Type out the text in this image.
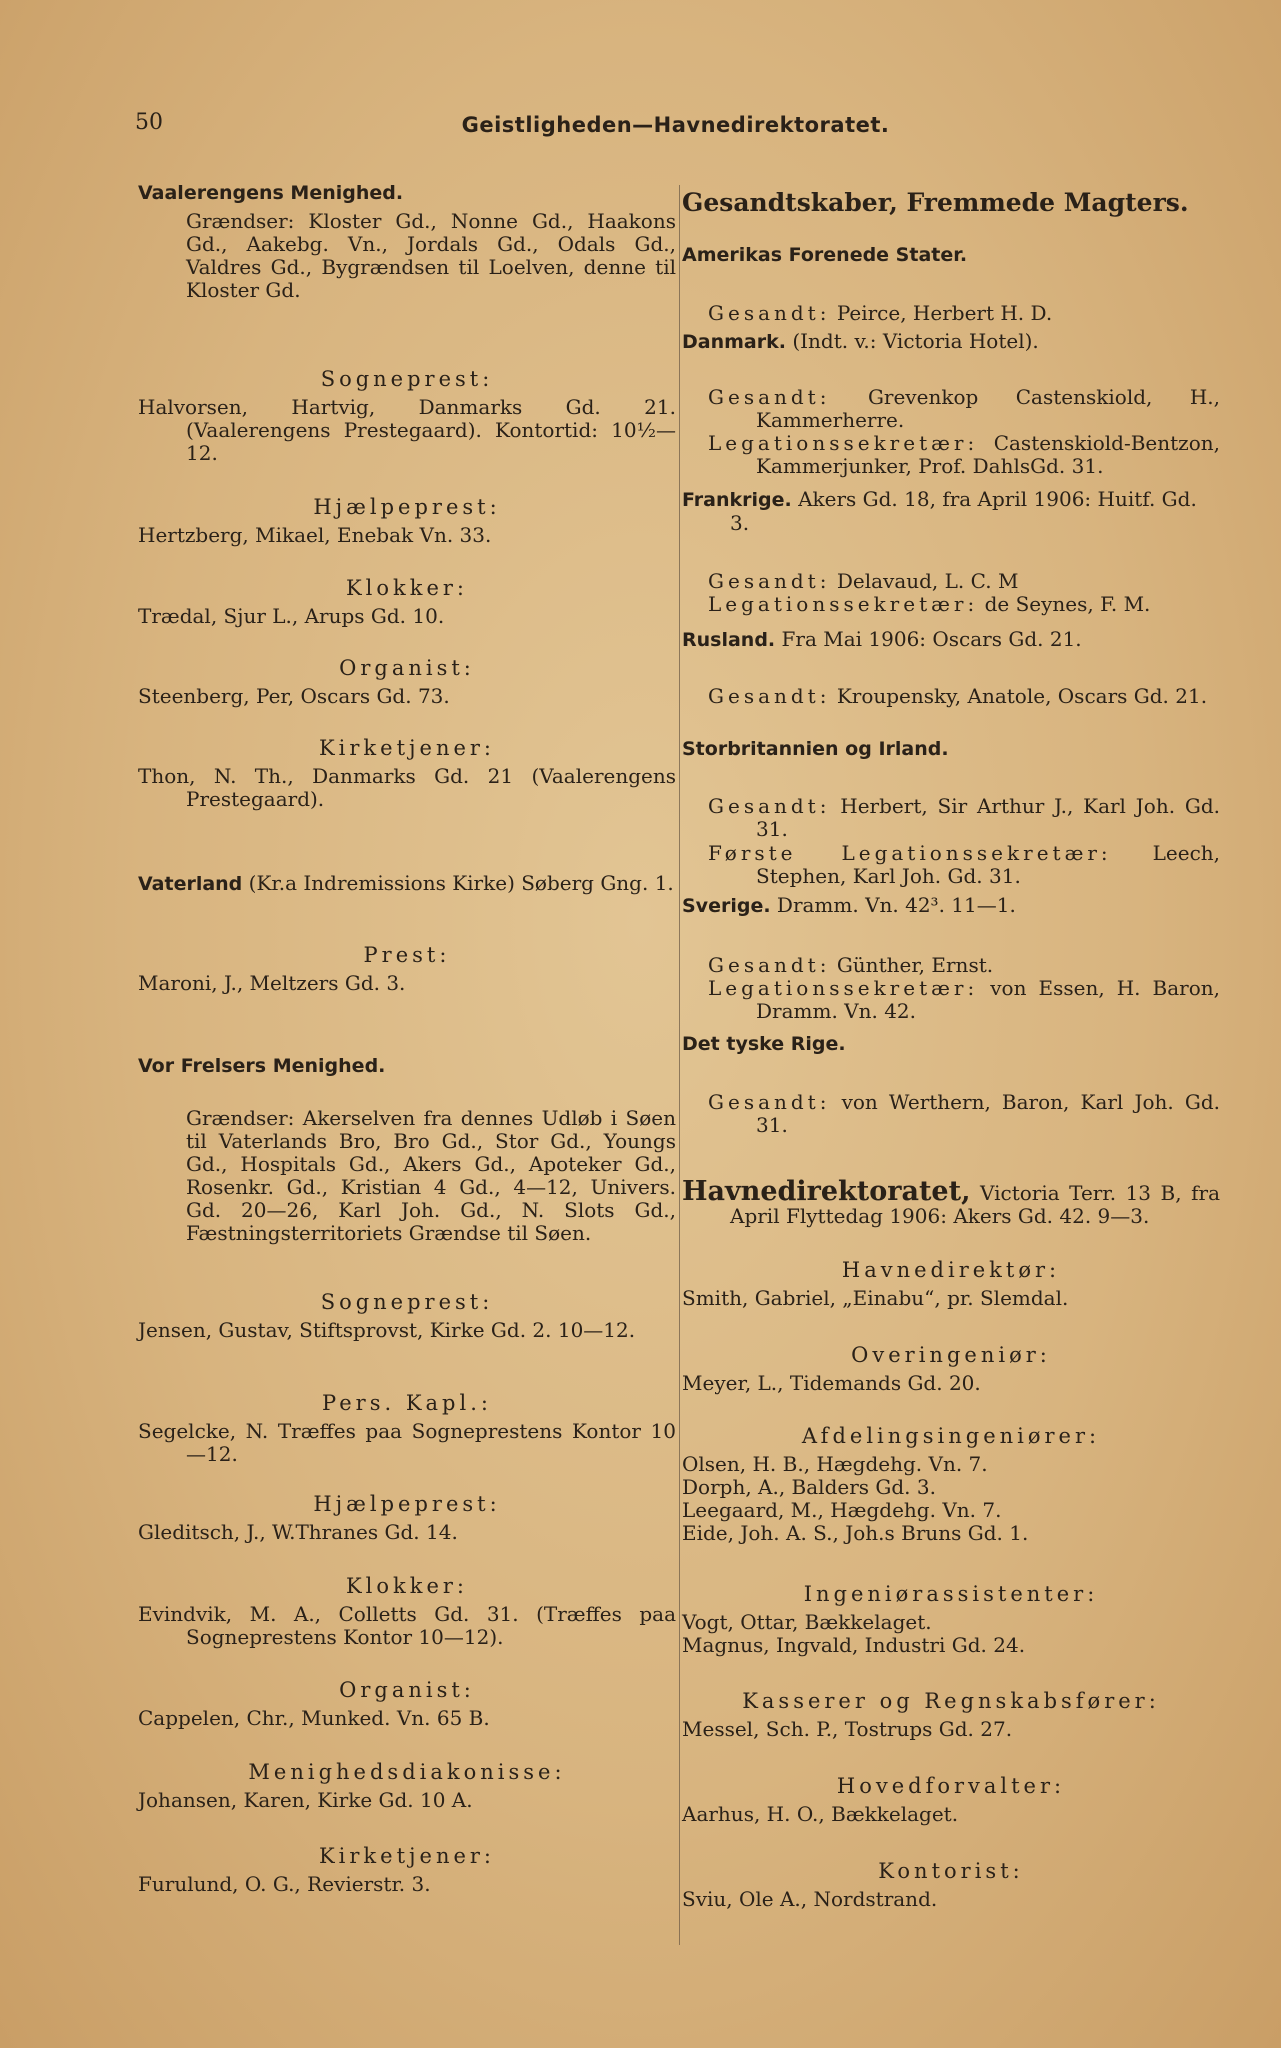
50	Geistligheden—Havnedirektoratet.

Vaalerengens Menighed.

Grændser: Kloster Gd., Nonne Gd., Haakons Gd., Aakebg. Vn., Jordals Gd., Odals Gd., Valdres Gd., Bygrændsen til Loelven, denne til Kloster Gd.

Sogneprest:

Halvorsen, Hartvig, Danmarks Gd. 21. (Vaalerengens Prestegaard). Kontortid: 10½—12.

Hjælpeprest:

Hertzberg, Mikael, Enebak Vn. 33.

Klokker:

Trædal, Sjur L., Arups Gd. 10.

Organist:

Steenberg, Per, Oscars Gd. 73.

Kirketjener:

Thon, N. Th., Danmarks Gd. 21 (Vaalerengens Prestegaard).

Vaterland (Kr.a Indremissions Kirke) Søberg Gng. 1.

Prest:

Maroni, J., Meltzers Gd. 3.

Vor Frelsers Menighed.

Grændser: Akerselven fra dennes Udløb i Søen til Vaterlands Bro, Bro Gd., Stor Gd., Youngs Gd., Hospitals Gd., Akers Gd., Apoteker Gd., Rosenkr. Gd., Kristian 4 Gd., 4—12, Univers. Gd. 20—26, Karl Joh. Gd., N. Slots Gd., Fæstningsterritoriets Grændse til Søen.

Sogneprest:

Jensen, Gustav, Stiftsprovst, Kirke Gd. 2. 10—12.

Pers. Kapl.:

Segelcke, N. Træffes paa Sogneprestens Kontor 10—12.

Hjælpeprest:

Gleditsch, J., W.Thranes Gd. 14.

Klokker:

Evindvik, M. A., Colletts Gd. 31. (Træffes paa Sogneprestens Kontor 10—12).

Organist:

Cappelen, Chr., Munked. Vn. 65 B.

Menighedsdiakonisse:

Johansen, Karen, Kirke Gd. 10 A.

Kirketjener:

Furulund, O. G., Revierstr. 3.

Gesandtskaber, Fremmede Magters.

Amerikas Forenede Stater.

Gesandt: Peirce, Herbert H. D.

Danmark. (Indt. v.: Victoria Hotel).

Gesandt: Grevenkop Castenskiold, H., Kammerherre.

Legationssekretær: Castenskiold-Bentzon, Kammerjunker, Prof. DahlsGd. 31.

Frankrige. Akers Gd. 18, fra April 1906: Huitf. Gd. 3.

Gesandt: Delavaud, L. C. M

Legationssekretær: de Seynes, F. M.

Rusland. Fra Mai 1906: Oscars Gd. 21.

Gesandt: Kroupensky, Anatole, Oscars Gd. 21.

Storbritannien og Irland.

Gesandt: Herbert, Sir Arthur J., Karl Joh. Gd. 31.

Første Legationssekretær: Leech, Stephen, Karl Joh. Gd. 31.

Sverige. Dramm. Vn. 42³. 11—1.

Gesandt: Günther, Ernst.

Legationssekretær: von Essen, H. Baron, Dramm. Vn. 42.

Det tyske Rige.

Gesandt: von Werthern, Baron, Karl Joh. Gd. 31.

Havnedirektoratet, Victoria Terr. 13 B, fra April Flyttedag 1906: Akers Gd. 42. 9—3.

Havnedirektør:

Smith, Gabriel, „Einabu“, pr. Slemdal.

Overingeniør:

Meyer, L., Tidemands Gd. 20.

Afdelingsingeniører:

Olsen, H. B., Hægdehg. Vn. 7.

Dorph, A., Balders Gd. 3.

Leegaard, M., Hægdehg. Vn. 7.

Eide, Joh. A. S., Joh.s Bruns Gd. 1.

Ingeniørassistenter:

Vogt, Ottar, Bækkelaget.

Magnus, Ingvald, Industri Gd. 24.

Kasserer og Regnskabsfører:

Messel, Sch. P., Tostrups Gd. 27.

Hovedforvalter:

Aarhus, H. O., Bækkelaget.

Kontorist:

Sviu, Ole A., Nordstrand.
